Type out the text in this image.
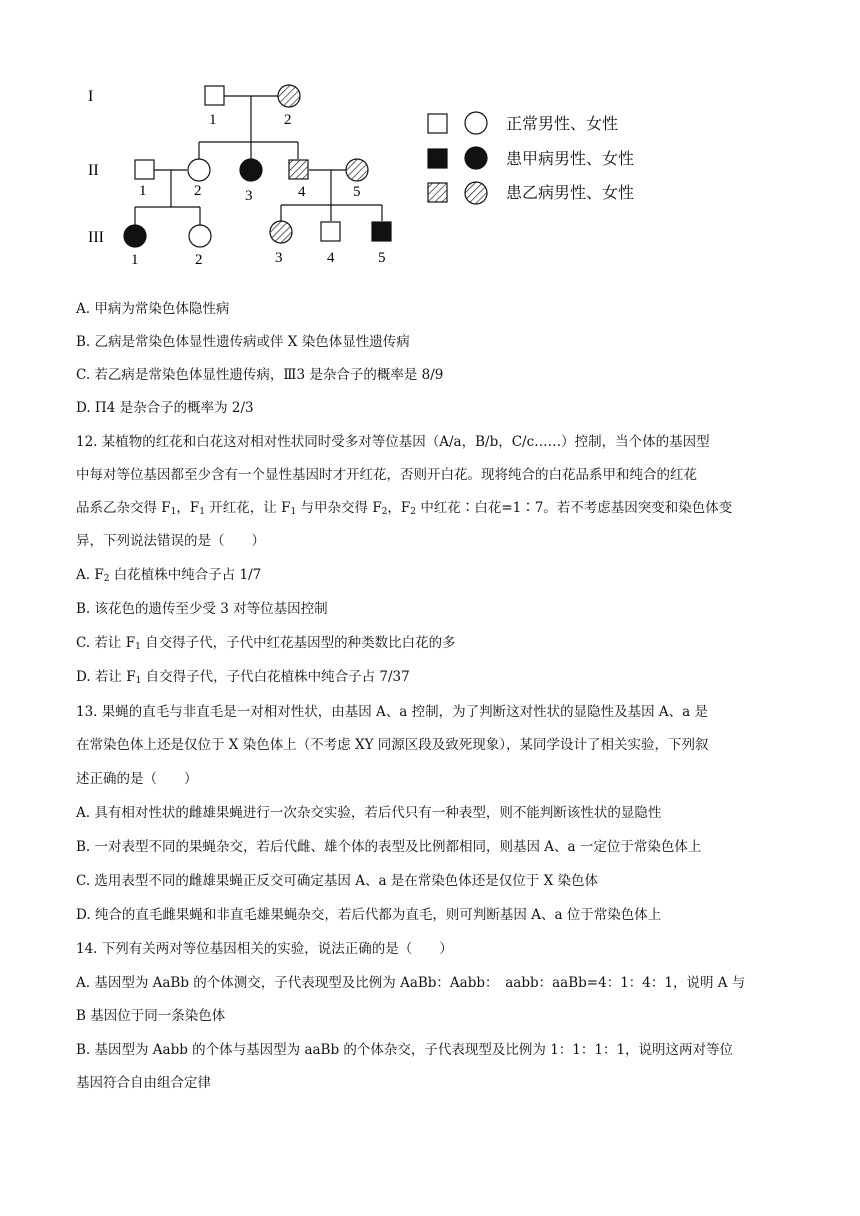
I
II
III
1	2
1	2	3	4	5
1	2	3	4	5
正常男性、女性
患甲病男性、女性
患乙病男性、女性
A. 甲病为常染色体隐性病
B. 乙病是常染色体显性遗传病或伴 X 染色体显性遗传病
C. 若乙病是常染色体显性遗传病，Ⅲ3 是杂合子的概率是 8/9
D. Π4 是杂合子的概率为 2/3
12. 某植物的红花和白花这对相对性状同时受多对等位基因（A/a，B/b，C/c……）控制，当个体的基因型
中每对等位基因都至少含有一个显性基因时才开红花，否则开白花。现将纯合的白花品系甲和纯合的红花
品系乙杂交得 $F_1$，$F_1$ 开红花，让 $F_1$ 与甲杂交得 $F_2$，$F_2$ 中红花∶白花=1∶7。若不考虑基因突变和染色体变
异，下列说法错误的是（　　）
A. $F_2$ 白花植株中纯合子占 1/7
B. 该花色的遗传至少受 3 对等位基因控制
C. 若让 $F_1$ 自交得子代，子代中红花基因型的种类数比白花的多
D. 若让 $F_1$ 自交得子代，子代白花植株中纯合子占 7/37
13. 果蝇的直毛与非直毛是一对相对性状，由基因 A、a 控制，为了判断这对性状的显隐性及基因 A、a 是
在常染色体上还是仅位于 X 染色体上（不考虑 XY 同源区段及致死现象），某同学设计了相关实验，下列叙
述正确的是（　　）
A. 具有相对性状的雌雄果蝇进行一次杂交实验，若后代只有一种表型，则不能判断该性状的显隐性
B. 一对表型不同的果蝇杂交，若后代雌、雄个体的表型及比例都相同，则基因 A、a 一定位于常染色体上
C. 选用表型不同的雌雄果蝇正反交可确定基因 A、a 是在常染色体还是仅位于 X 染色体
D. 纯合的直毛雌果蝇和非直毛雄果蝇杂交，若后代都为直毛，则可判断基因 A、a 位于常染色体上
14. 下列有关两对等位基因相关的实验，说法正确的是（　　）
A. 基因型为 AaBb 的个体测交，子代表现型及比例为 AaBb：Aabb：　aabb：aaBb=4：1：4：1，说明 A 与
B 基因位于同一条染色体
B. 基因型为 Aabb 的个体与基因型为 aaBb 的个体杂交，子代表现型及比例为 1：1：1：1，说明这两对等位
基因符合自由组合定律
